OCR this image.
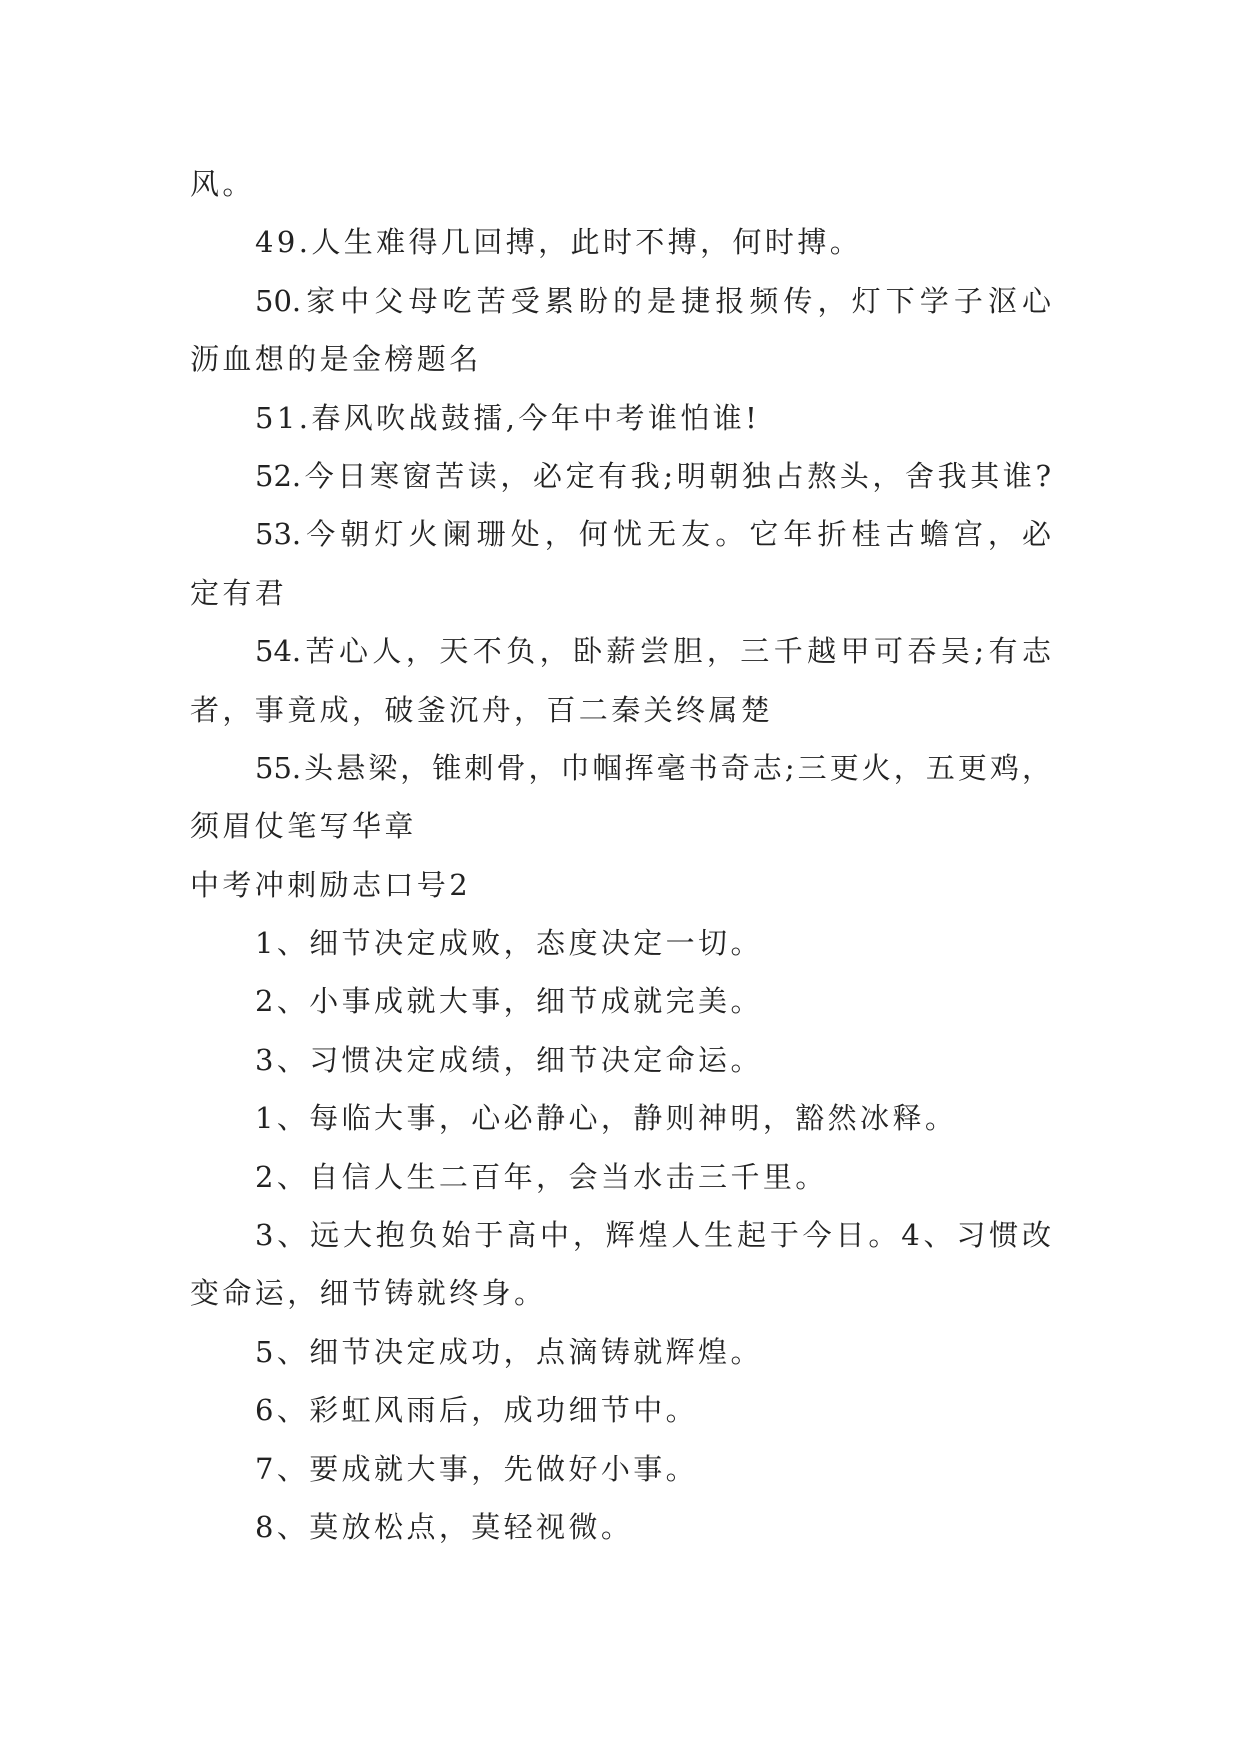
风。
49.人生难得几回搏，此时不搏，何时搏。
50.家中父母吃苦受累盼的是捷报频传，灯下学子沤心
沥血想的是金榜题名
51.春风吹战鼓擂,今年中考谁怕谁!
52.今日寒窗苦读，必定有我;明朝独占熬头，舍我其谁?
53.今朝灯火阑珊处，何忧无友。它年折桂古蟾宫，必
定有君
54.苦心人，天不负，卧薪尝胆，三千越甲可吞吴;有志
者，事竟成，破釜沉舟，百二秦关终属楚
55.头悬梁，锥刺骨，巾帼挥毫书奇志;三更火，五更鸡，
须眉仗笔写华章
中考冲刺励志口号2
1、细节决定成败，态度决定一切。
2、小事成就大事，细节成就完美。
3、习惯决定成绩，细节决定命运。
1、每临大事，心必静心，静则神明，豁然冰释。
2、自信人生二百年，会当水击三千里。
3、远大抱负始于高中，辉煌人生起于今日。4、习惯改
变命运，细节铸就终身。
5、细节决定成功，点滴铸就辉煌。
6、彩虹风雨后，成功细节中。
7、要成就大事，先做好小事。
8、莫放松点，莫轻视微。
